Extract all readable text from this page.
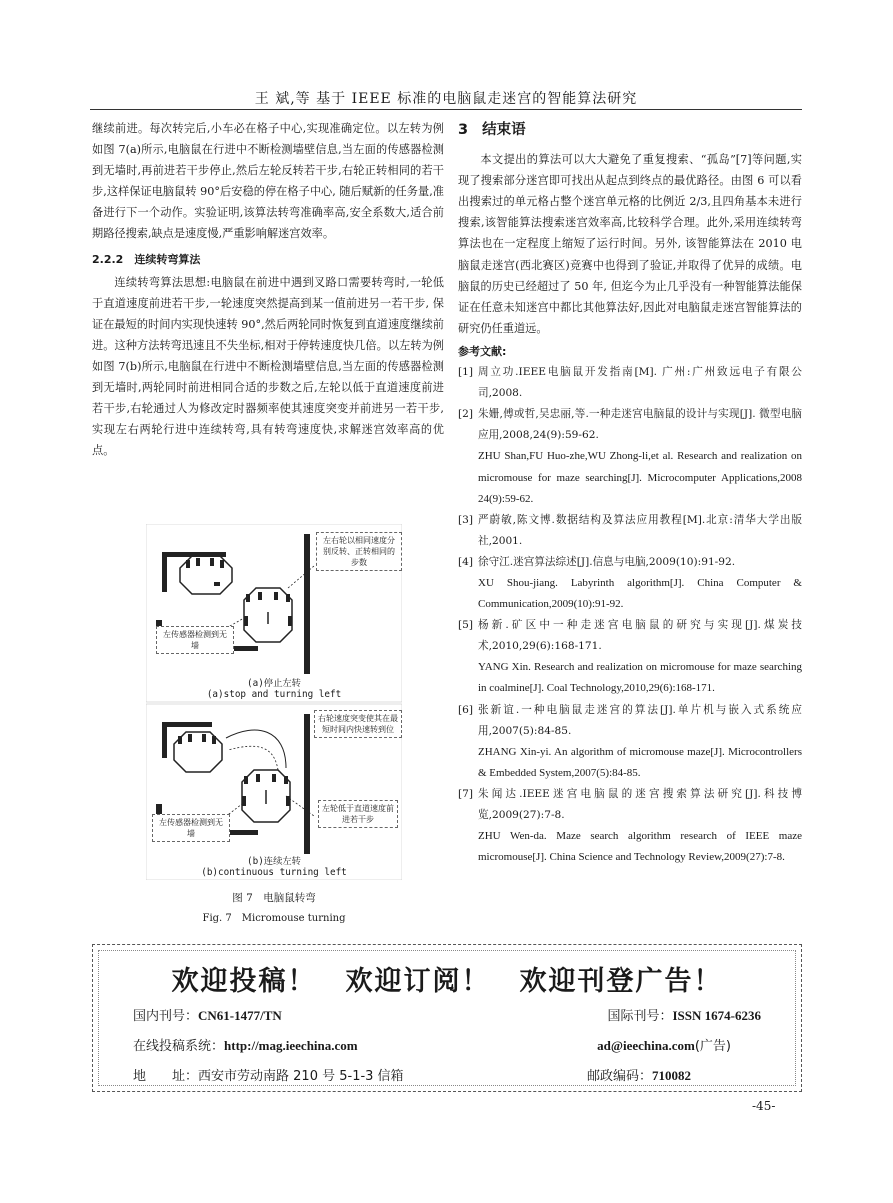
王 斌,等 基于 IEEE 标准的电脑鼠走迷宫的智能算法研究

继续前进。每次转完后,小车必在格子中心,实现准确定位。以左转为例如图 7(a)所示,电脑鼠在行进中不断检测墙壁信息,当左面的传感器检测到无墙时,再前进若干步停止,然后左轮反转若干步,右轮正转相同的若干步,这样保证电脑鼠转 90°后安稳的停在格子中心, 随后赋新的任务量,准备进行下一个动作。实验证明,该算法转弯准确率高,安全系数大,适合前期路径搜索,缺点是速度慢,严重影响解迷宫效率。

2.2.2　连续转弯算法

连续转弯算法思想:电脑鼠在前进中遇到叉路口需要转弯时,一轮低于直道速度前进若干步,一轮速度突然提高到某一值前进另一若干步, 保证在最短的时间内实现快速转 90°,然后两轮同时恢复到直道速度继续前进。这种方法转弯迅速且不失坐标,相对于停转速度快几倍。以左转为例如图 7(b)所示,电脑鼠在行进中不断检测墙壁信息,当左面的传感器检测到无墙时,两轮同时前进相同合适的步数之后,左轮以低于直道速度前进若干步,右轮通过人为修改定时器频率使其速度突变并前进另一若干步,实现左右两轮行进中连续转弯,具有转弯速度快,求解迷宫效率高的优点。

左右轮以相同速度分别反转、正转相同的步数
左传感器检测到无墙
(a)停止左转
(a)stop and turning left
右轮速度突变使其在最短时间内快速转到位
左轮低于直道速度前进若干步
左传感器检测到无墙
(b)连续左转
(b)continuous turning left
图 7　电脑鼠转弯
Fig. 7　Micromouse turning
3 结束语

本文提出的算法可以大大避免了重复搜索、“孤岛”[7]等问题,实现了搜索部分迷宫即可找出从起点到终点的最优路径。由图 6 可以看出搜索过的单元格占整个迷宫单元格的比例近 2/3,且四角基本未进行搜索,该智能算法搜索迷宫效率高,比较科学合理。此外,采用连续转弯算法也在一定程度上缩短了运行时间。另外, 该智能算法在 2010 电脑鼠走迷宫(西北赛区)竞赛中也得到了验证,并取得了优异的成绩。电脑鼠的历史已经超过了 50 年, 但迄今为止几乎没有一种智能算法能保证在任意未知迷宫中都比其他算法好,因此对电脑鼠走迷宫智能算法的研究仍任重道远。

参考文献:
[1] 周立功.IEEE电脑鼠开发指南[M]. 广州:广州致远电子有限公司,2008.
[2] 朱姗,傅或哲,吴忠丽,等.一种走迷宫电脑鼠的设计与实现[J]. 微型电脑应用,2008,24(9):59-62.
ZHU Shan,FU Huo-zhe,WU Zhong-li,et al. Research and realization on micromouse for maze searching[J]. Microcomputer Applications,2008 24(9):59-62.
[3] 严蔚敏,陈文博.数据结构及算法应用教程[M].北京:清华大学出版社,2001.
[4] 徐守江.迷宫算法综述[J].信息与电脑,2009(10):91-92.
XU Shou-jiang. Labyrinth algorithm[J]. China Computer & Communication,2009(10):91-92.
[5] 杨新.矿区中一种走迷宫电脑鼠的研究与实现[J].煤炭技术,2010,29(6):168-171.
YANG Xin. Research and realization on micromouse for maze searching in coalmine[J]. Coal Technology,2010,29(6):168-171.
[6] 张新谊.一种电脑鼠走迷宫的算法[J].单片机与嵌入式系统应用,2007(5):84-85.
ZHANG Xin-yi. An algorithm of micromouse maze[J]. Microcontrollers & Embedded System,2007(5):84-85.
[7] 朱闻达.IEEE迷宫电脑鼠的迷宫搜索算法研究[J].科技博览,2009(27):7-8.
ZHU Wen-da. Maze search algorithm research of IEEE maze micromouse[J]. China Science and Technology Review,2009(27):7-8.
欢迎投稿！　欢迎订阅！　欢迎刊登广告！
国内刊号：CN61-1477/TN	国际刊号：ISSN 1674-6236
在线投稿系统：http://mag.ieechina.com	ad@ieechina.com(广告)
地　　址：西安市劳动南路 210 号 5-1-3 信箱	邮政编码：710082
-45-
